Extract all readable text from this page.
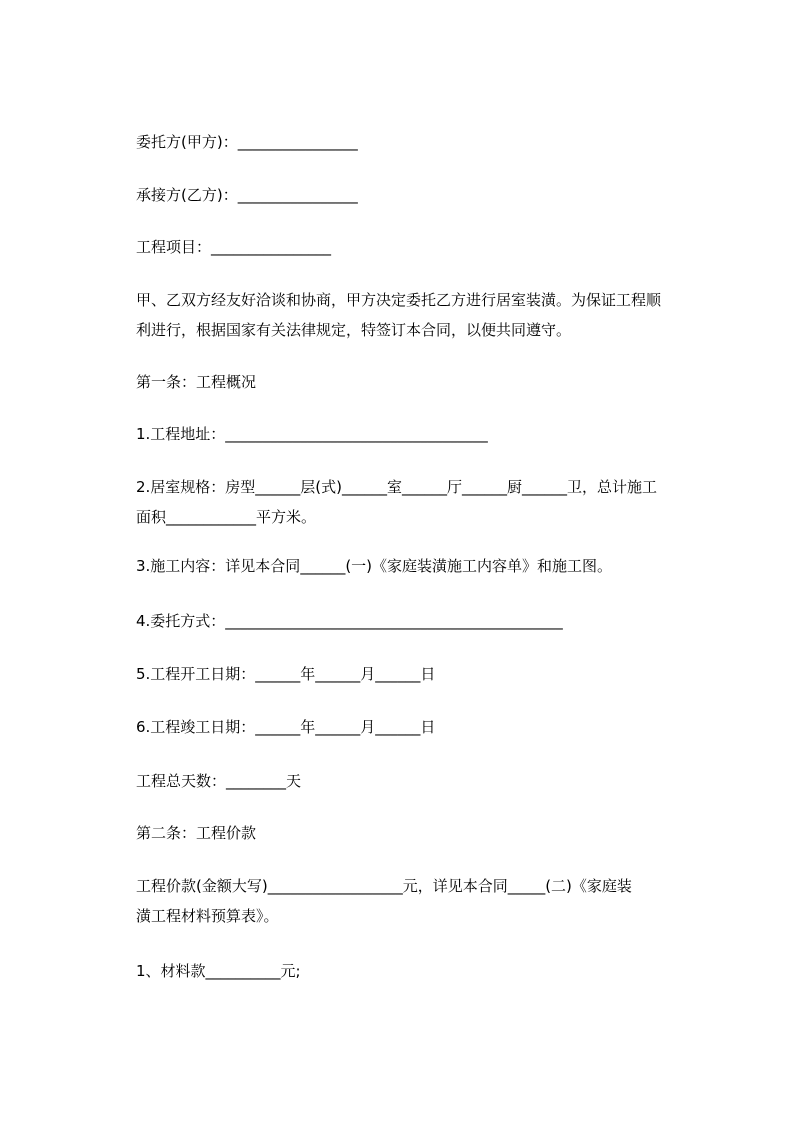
委托方(甲方)：________________
承接方(乙方)：________________
工程项目：________________
甲、乙双方经友好洽谈和协商，甲方决定委托乙方进行居室装潢。为保证工程顺
利进行，根据国家有关法律规定，特签订本合同，以便共同遵守。
第一条：工程概况
1.工程地址：___________________________________
2.居室规格：房型______层(式)______室______厅______厨______卫，总计施工
面积____________平方米。
3.施工内容：详见本合同______(一)《家庭装潢施工内容单》和施工图。
4.委托方式：_____________________________________________
5.工程开工日期：______年______月______日
6.工程竣工日期：______年______月______日
工程总天数：________天
第二条：工程价款
工程价款(金额大写)__________________元，详见本合同_____(二)《家庭装
潢工程材料预算表》。
1、材料款__________元;
